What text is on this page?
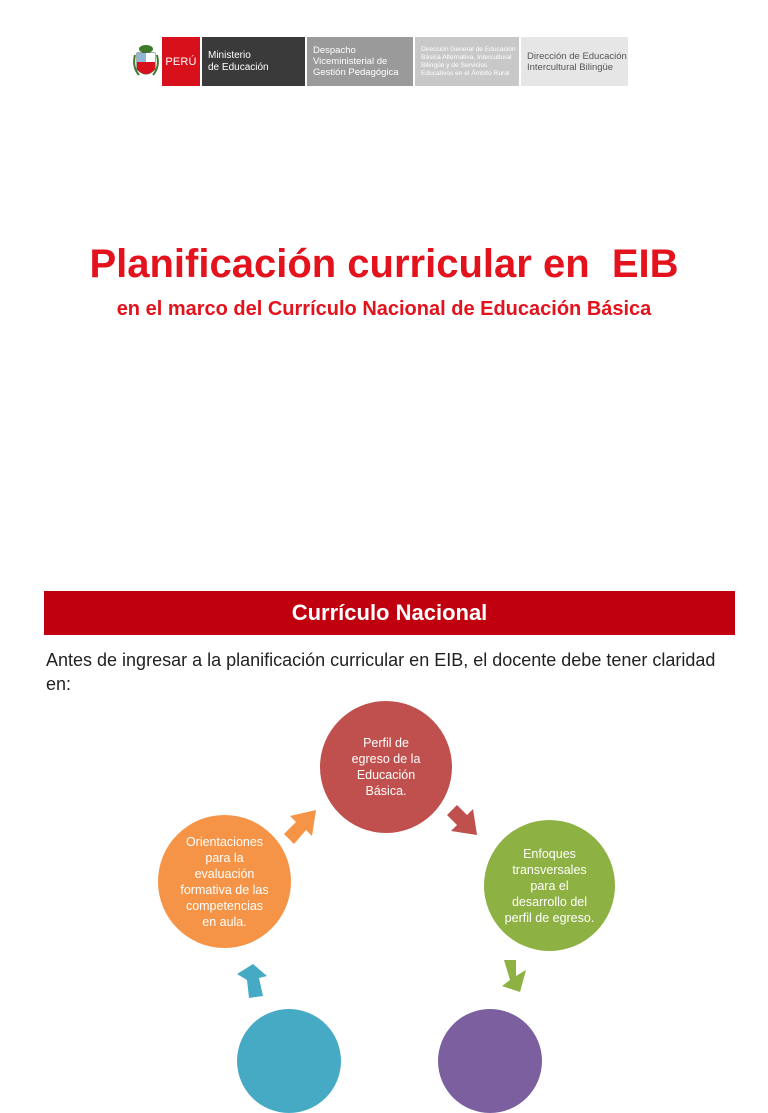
PERÚ
Ministerio
de Educación
Despacho
Viceministerial de
Gestión Pedagógica
Dirección General de Educación
Básica Alternativa, Intercultural
Bilingüe y de Servicios
Educativos en el Ámbito Rural
Dirección de Educación
Intercultural Bilingüe
Planificación curricular en  EIB
en el marco del Currículo Nacional de Educación Básica
Currículo Nacional

Antes de ingresar a la planificación curricular en EIB, el docente debe tener claridad en:

Perfil de egreso de la Educación Básica.
Enfoques transversales para el desarrollo del perfil de egreso.
Orientaciones para la evaluación formativa de las competencias en aula.
